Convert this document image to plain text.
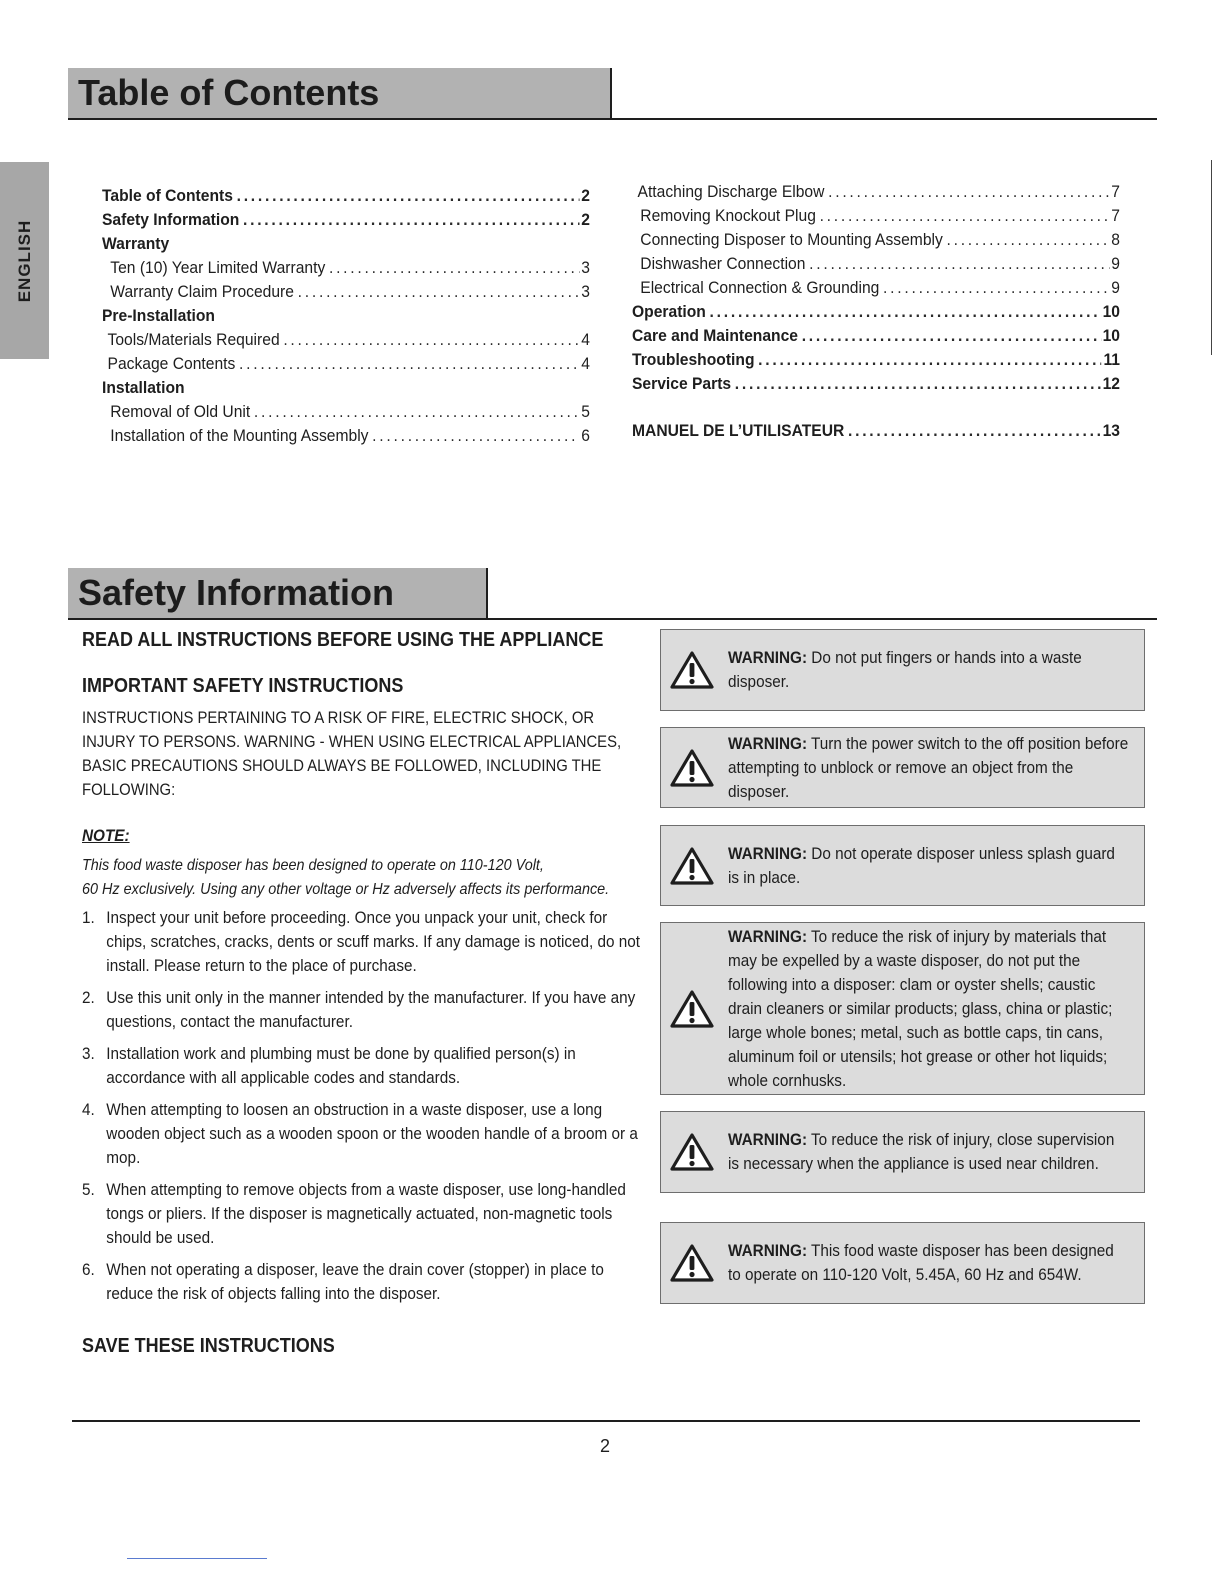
ENGLISH
Table of Contents
Table of Contents .....	2
Safety Information .....	2
Warranty
Ten (10) Year Limited Warranty .....	3
Warranty Claim Procedure .....	3
Pre-Installation
Tools/Materials Required .....	4
Package Contents .....	4
Installation
Removal of Old Unit .....	5
Installation of the Mounting Assembly .....	6
Attaching Discharge Elbow .....	7
Removing Knockout Plug .....	7
Connecting Disposer to Mounting Assembly .....	8
Dishwasher Connection .....	9
Electrical Connection & Grounding .....	9
Operation .....	10
Care and Maintenance .....	10
Troubleshooting .....	11
Service Parts .....	12
MANUEL DE L’UTILISATEUR .....	13
Safety Information
READ ALL INSTRUCTIONS BEFORE USING THE APPLIANCE
IMPORTANT SAFETY INSTRUCTIONS
INSTRUCTIONS PERTAINING TO A RISK OF FIRE, ELECTRIC SHOCK, OR INJURY TO PERSONS. WARNING - WHEN USING ELECTRICAL APPLIANCES, BASIC PRECAUTIONS SHOULD ALWAYS BE FOLLOWED, INCLUDING THE FOLLOWING:
NOTE:
This food waste disposer has been designed to operate on 110-120 Volt,
60 Hz exclusively. Using any other voltage or Hz adversely affects its performance.
1. Inspect your unit before proceeding. Once you unpack your unit, check for chips, scratches, cracks, dents or scuff marks. If any damage is noticed, do not install. Please return to the place of purchase.
2. Use this unit only in the manner intended by the manufacturer. If you have any questions, contact the manufacturer.
3. Installation work and plumbing must be done by qualified person(s) in accordance with all applicable codes and standards.
4. When attempting to loosen an obstruction in a waste disposer, use a long wooden object such as a wooden spoon or the wooden handle of a broom or a mop.
5. When attempting to remove objects from a waste disposer, use long-handled tongs or pliers. If the disposer is magnetically actuated, non-magnetic tools should be used.
6. When not operating a disposer, leave the drain cover (stopper) in place to reduce the risk of objects falling into the disposer.
SAVE THESE INSTRUCTIONS
WARNING: Do not put fingers or hands into a waste disposer.
WARNING: Turn the power switch to the off position before attempting to unblock or remove an object from the disposer.
WARNING: Do not operate disposer unless splash guard is in place.
WARNING: To reduce the risk of injury by materials that may be expelled by a waste disposer, do not put the following into a disposer: clam or oyster shells; caustic drain cleaners or similar products; glass, china or plastic; large whole bones; metal, such as bottle caps, tin cans, aluminum foil or utensils; hot grease or other hot liquids; whole cornhusks.
WARNING: To reduce the risk of injury, close supervision is necessary when the appliance is used near children.
WARNING: This food waste disposer has been designed to operate on 110-120 Volt, 5.45A, 60 Hz and 654W.
2
